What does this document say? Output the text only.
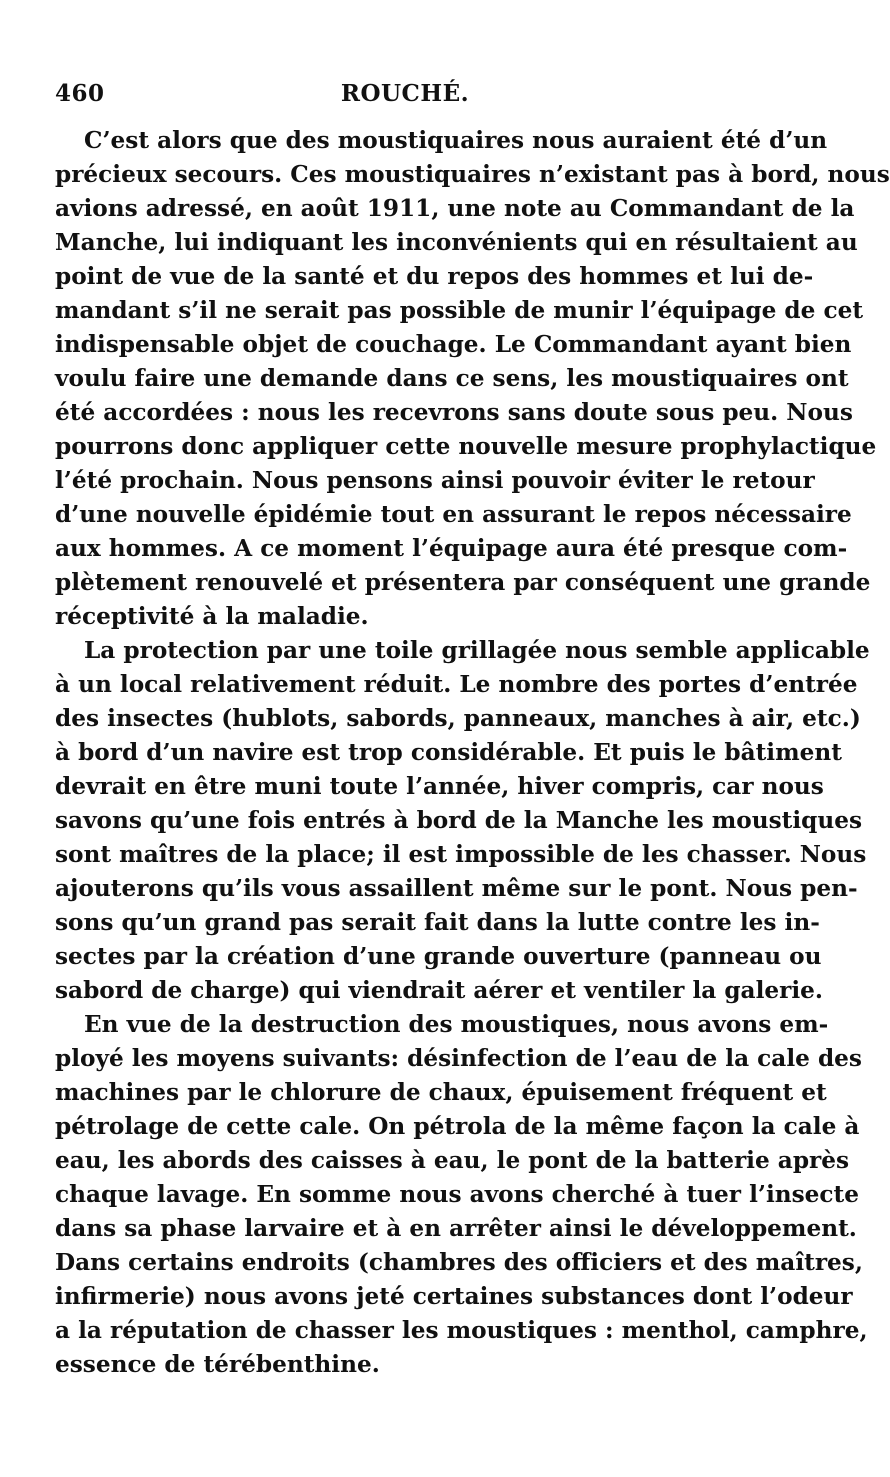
460	ROUCHÉ.
C’est alors que des moustiquaires nous auraient été d’un
précieux secours. Ces moustiquaires n’existant pas à bord, nous
avions adressé, en août 1911, une note au Commandant de la
Manche, lui indiquant les inconvénients qui en résultaient au
point de vue de la santé et du repos des hommes et lui de-
mandant s’il ne serait pas possible de munir l’équipage de cet
indispensable objet de couchage. Le Commandant ayant bien
voulu faire une demande dans ce sens, les moustiquaires ont
été accordées : nous les recevrons sans doute sous peu. Nous
pourrons donc appliquer cette nouvelle mesure prophylactique
l’été prochain. Nous pensons ainsi pouvoir éviter le retour
d’une nouvelle épidémie tout en assurant le repos nécessaire
aux hommes. A ce moment l’équipage aura été presque com-
plètement renouvelé et présentera par conséquent une grande
réceptivité à la maladie.
La protection par une toile grillagée nous semble applicable
à un local relativement réduit. Le nombre des portes d’entrée
des insectes (hublots, sabords, panneaux, manches à air, etc.)
à bord d’un navire est trop considérable. Et puis le bâtiment
devrait en être muni toute l’année, hiver compris, car nous
savons qu’une fois entrés à bord de la Manche les moustiques
sont maîtres de la place; il est impossible de les chasser. Nous
ajouterons qu’ils vous assaillent même sur le pont. Nous pen-
sons qu’un grand pas serait fait dans la lutte contre les in-
sectes par la création d’une grande ouverture (panneau ou
sabord de charge) qui viendrait aérer et ventiler la galerie.
En vue de la destruction des moustiques, nous avons em-
ployé les moyens suivants: désinfection de l’eau de la cale des
machines par le chlorure de chaux, épuisement fréquent et
pétrolage de cette cale. On pétrola de la même façon la cale à
eau, les abords des caisses à eau, le pont de la batterie après
chaque lavage. En somme nous avons cherché à tuer l’insecte
dans sa phase larvaire et à en arrêter ainsi le développement.
Dans certains endroits (chambres des officiers et des maîtres,
infirmerie) nous avons jeté certaines substances dont l’odeur
a la réputation de chasser les moustiques : menthol, camphre,
essence de térébenthine.
